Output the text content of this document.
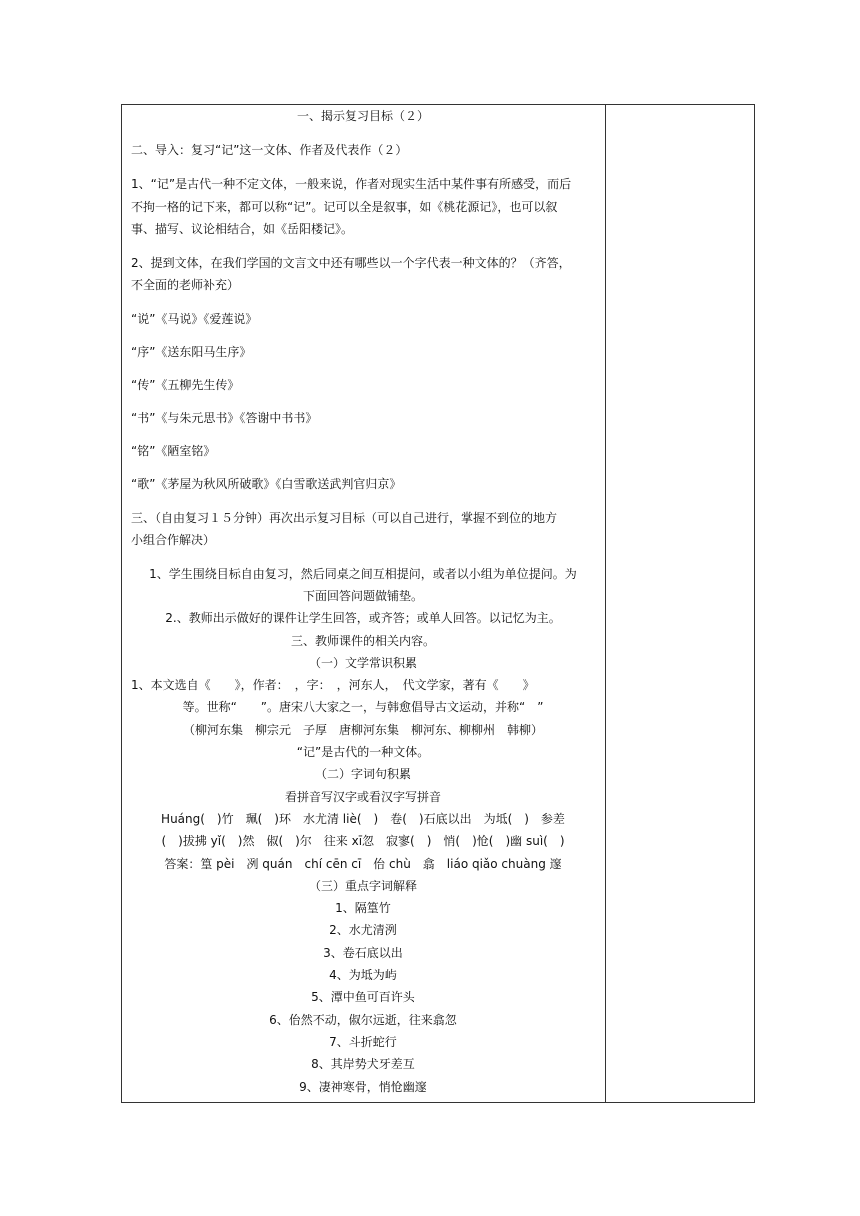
一、揭示复习目标（２）
二、导入：复习“记”这一文体、作者及代表作（２）
1、“记”是古代一种不定文体，一般来说，作者对现实生活中某件事有所感受，而后
不拘一格的记下来，都可以称“记”。记可以全是叙事，如《桃花源记》，也可以叙
事、描写、议论相结合，如《岳阳楼记》。
2、提到文体，在我们学国的文言文中还有哪些以一个字代表一种文体的？（齐答，
不全面的老师补充）
“说”《马说》《爱莲说》
“序”《送东阳马生序》
“传”《五柳先生传》
“书”《与朱元思书》《答谢中书书》
“铭”《陋室铭》
“歌”《茅屋为秋风所破歌》《白雪歌送武判官归京》
三、（自由复习１５分钟）再次出示复习目标（可以自己进行，掌握不到位的地方
小组合作解决）
1、学生围绕目标自由复习，然后同桌之间互相提问，或者以小组为单位提问。为
下面回答问题做铺垫。
2.、教师出示做好的课件让学生回答，或齐答；或单人回答。以记忆为主。
三、教师课件的相关内容。
（一）文学常识积累
1、本文选自《　　》，作者：　，字：　，河东人，　代文学家，著有《　　》
等。世称“　　”。唐宋八大家之一，与韩愈倡导古文运动，并称“　”
（柳河东集　柳宗元　子厚　唐柳河东集　柳河东、柳柳州　韩柳）
“记”是古代的一种文体。
（二）字词句积累
看拼音写汉字或看汉字写拼音
Huáng(　)竹　珮(　)环　水尤清 liè(　)　卷(　)石底以出　为坻(　)　参差
(　)拔拂 yǐ(　)然　俶(　)尔　往来 xī忽　寂寥(　)　悄(　)怆(　)幽 suì(　)
答案：篁 pèi　冽 quán　chí cēn cī　佁 chù　翕　liáo qiǎo chuàng 邃
（三）重点字词解释
1、隔篁竹
2、水尤清洌
3、卷石底以出
4、为坻为屿
5、潭中鱼可百许头
6、佁然不动，俶尔远逝，往来翕忽
7、斗折蛇行
8、其岸势犬牙差互
9、凄神寒骨，悄怆幽邃
